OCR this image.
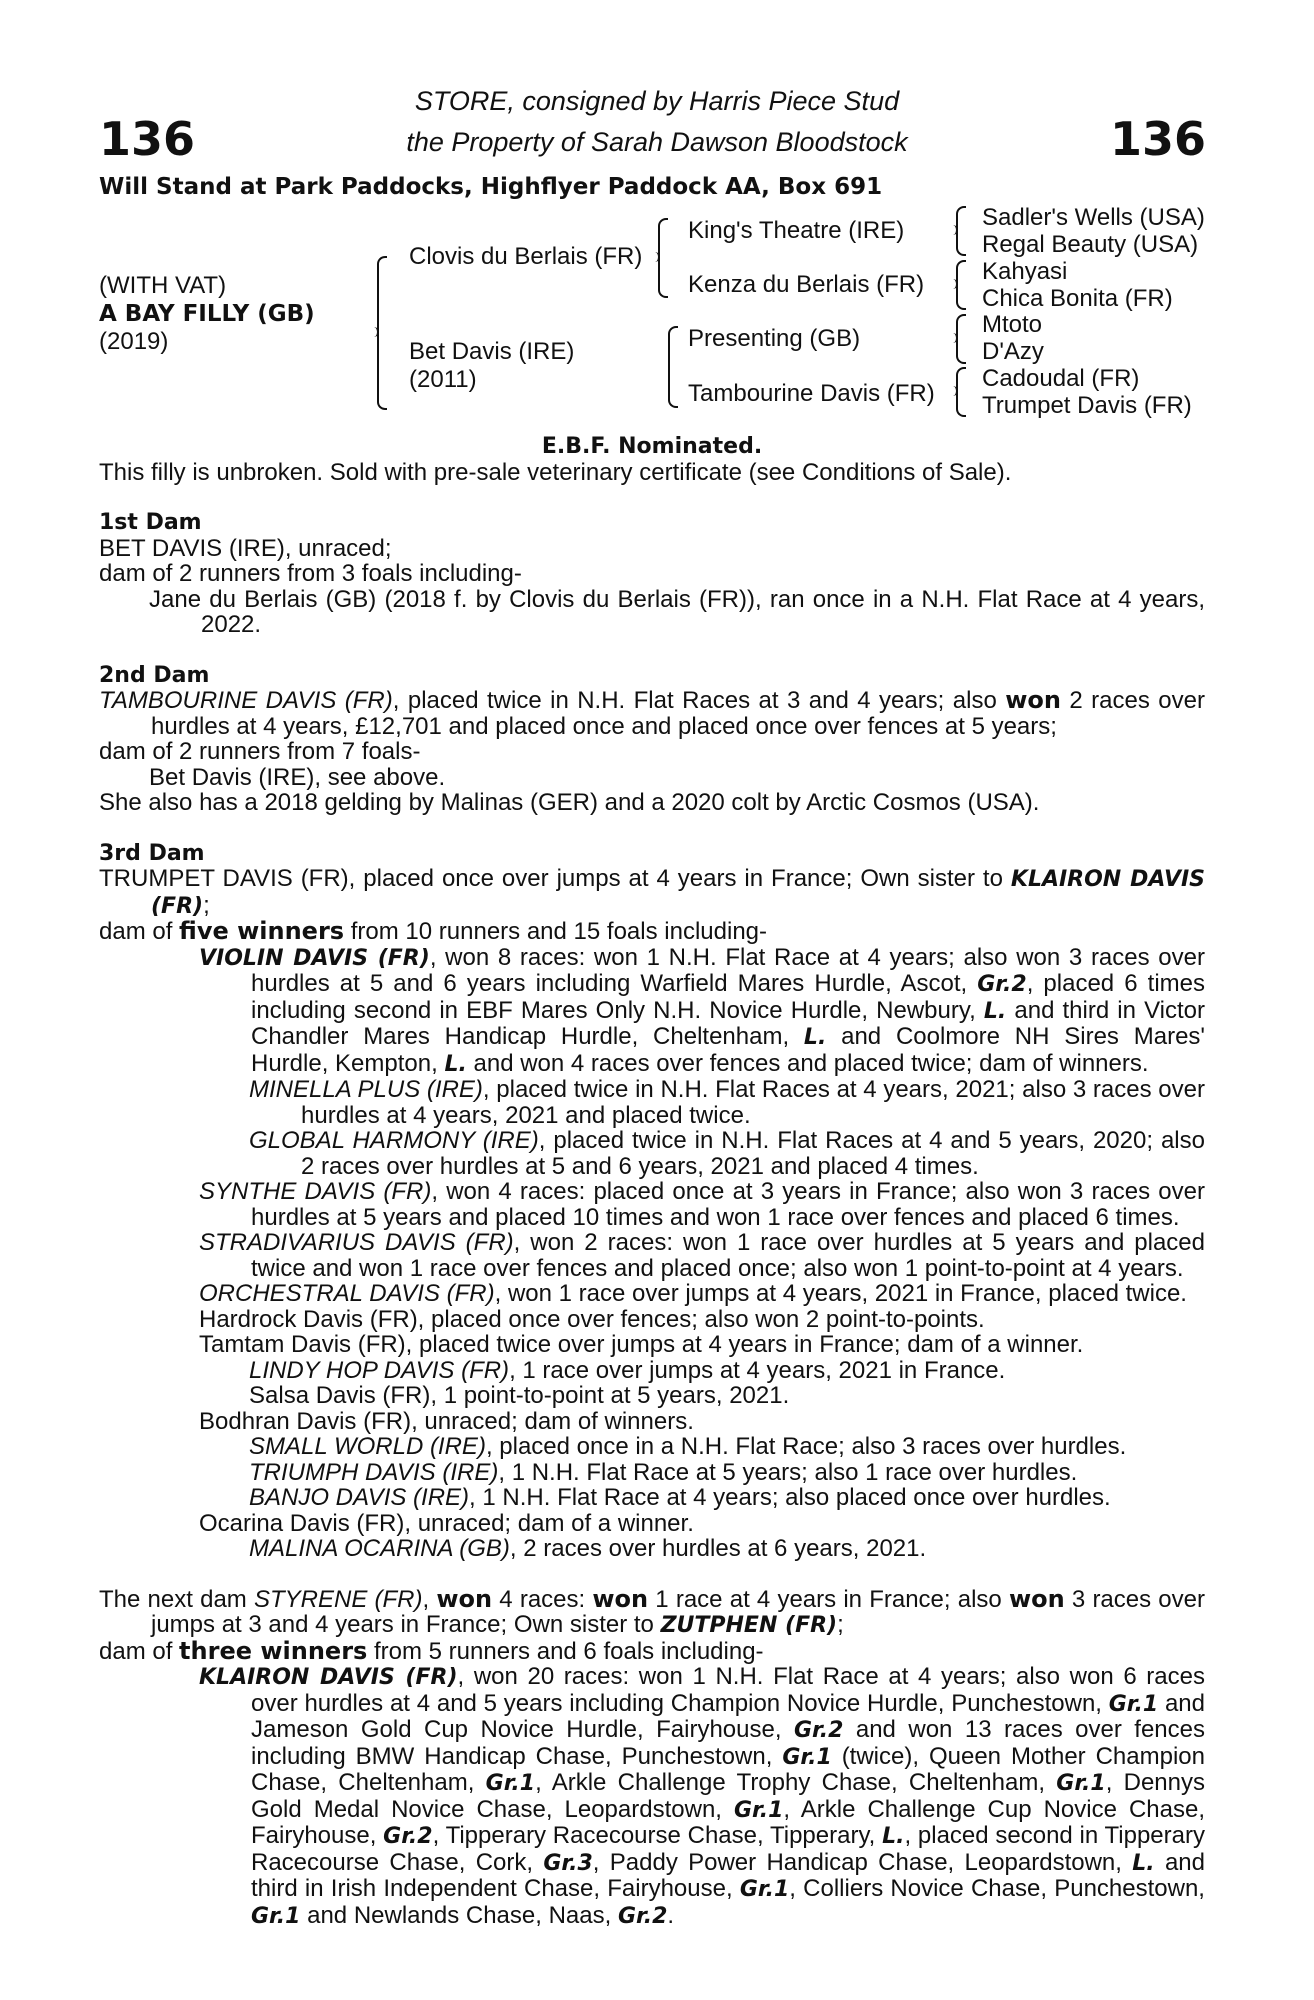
136	136
STORE, consigned by Harris Piece Stud
the Property of Sarah Dawson Bloodstock
Will Stand at Park Paddocks, Highflyer Paddock AA, Box 691
(WITH VAT)
A BAY FILLY (GB)
(2019)
Clovis du Berlais (FR)
Bet Davis (IRE)
(2011)
King's Theatre (IRE)
Kenza du Berlais (FR)
Presenting (GB)
Tambourine Davis (FR)
Sadler's Wells (USA)
Regal Beauty (USA)
Kahyasi
Chica Bonita (FR)
Mtoto
D'Azy
Cadoudal (FR)
Trumpet Davis (FR)
E.B.F. Nominated.
This filly is unbroken. Sold with pre-sale veterinary certificate (see Conditions of Sale).
1st Dam
BET DAVIS (IRE), unraced;
dam of 2 runners from 3 foals including-
Jane du Berlais (GB) (2018 f. by Clovis du Berlais (FR)), ran once in a N.H. Flat Race at 4 years, 2022.
2nd Dam
TAMBOURINE DAVIS (FR), placed twice in N.H. Flat Races at 3 and 4 years; also won 2 races over hurdles at 4 years, £12,701 and placed once and placed once over fences at 5 years;
dam of 2 runners from 7 foals-
Bet Davis (IRE), see above.
She also has a 2018 gelding by Malinas (GER) and a 2020 colt by Arctic Cosmos (USA).
3rd Dam
TRUMPET DAVIS (FR), placed once over jumps at 4 years in France; Own sister to KLAIRON DAVIS (FR);
dam of five winners from 10 runners and 15 foals including-
VIOLIN DAVIS (FR), won 8 races: won 1 N.H. Flat Race at 4 years; also won 3 races over hurdles at 5 and 6 years including Warfield Mares Hurdle, Ascot, Gr.2, placed 6 times including second in EBF Mares Only N.H. Novice Hurdle, Newbury, L. and third in Victor Chandler Mares Handicap Hurdle, Cheltenham, L. and Coolmore NH Sires Mares' Hurdle, Kempton, L. and won 4 races over fences and placed twice; dam of winners.
MINELLA PLUS (IRE), placed twice in N.H. Flat Races at 4 years, 2021; also 3 races over hurdles at 4 years, 2021 and placed twice.
GLOBAL HARMONY (IRE), placed twice in N.H. Flat Races at 4 and 5 years, 2020; also 2 races over hurdles at 5 and 6 years, 2021 and placed 4 times.
SYNTHE DAVIS (FR), won 4 races: placed once at 3 years in France; also won 3 races over hurdles at 5 years and placed 10 times and won 1 race over fences and placed 6 times.
STRADIVARIUS DAVIS (FR), won 2 races: won 1 race over hurdles at 5 years and placed twice and won 1 race over fences and placed once; also won 1 point-to-point at 4 years.
ORCHESTRAL DAVIS (FR), won 1 race over jumps at 4 years, 2021 in France, placed twice.
Hardrock Davis (FR), placed once over fences; also won 2 point-to-points.
Tamtam Davis (FR), placed twice over jumps at 4 years in France; dam of a winner.
LINDY HOP DAVIS (FR), 1 race over jumps at 4 years, 2021 in France.
Salsa Davis (FR), 1 point-to-point at 5 years, 2021.
Bodhran Davis (FR), unraced; dam of winners.
SMALL WORLD (IRE), placed once in a N.H. Flat Race; also 3 races over hurdles.
TRIUMPH DAVIS (IRE), 1 N.H. Flat Race at 5 years; also 1 race over hurdles.
BANJO DAVIS (IRE), 1 N.H. Flat Race at 4 years; also placed once over hurdles.
Ocarina Davis (FR), unraced; dam of a winner.
MALINA OCARINA (GB), 2 races over hurdles at 6 years, 2021.
The next dam STYRENE (FR), won 4 races: won 1 race at 4 years in France; also won 3 races over jumps at 3 and 4 years in France; Own sister to ZUTPHEN (FR);
dam of three winners from 5 runners and 6 foals including-
KLAIRON DAVIS (FR), won 20 races: won 1 N.H. Flat Race at 4 years; also won 6 races over hurdles at 4 and 5 years including Champion Novice Hurdle, Punchestown, Gr.1 and Jameson Gold Cup Novice Hurdle, Fairyhouse, Gr.2 and won 13 races over fences including BMW Handicap Chase, Punchestown, Gr.1 (twice), Queen Mother Champion Chase, Cheltenham, Gr.1, Arkle Challenge Trophy Chase, Cheltenham, Gr.1, Dennys Gold Medal Novice Chase, Leopardstown, Gr.1, Arkle Challenge Cup Novice Chase, Fairyhouse, Gr.2, Tipperary Racecourse Chase, Tipperary, L., placed second in Tipperary Racecourse Chase, Cork, Gr.3, Paddy Power Handicap Chase, Leopardstown, L. and third in Irish Independent Chase, Fairyhouse, Gr.1, Colliers Novice Chase, Punchestown, Gr.1 and Newlands Chase, Naas, Gr.2.
